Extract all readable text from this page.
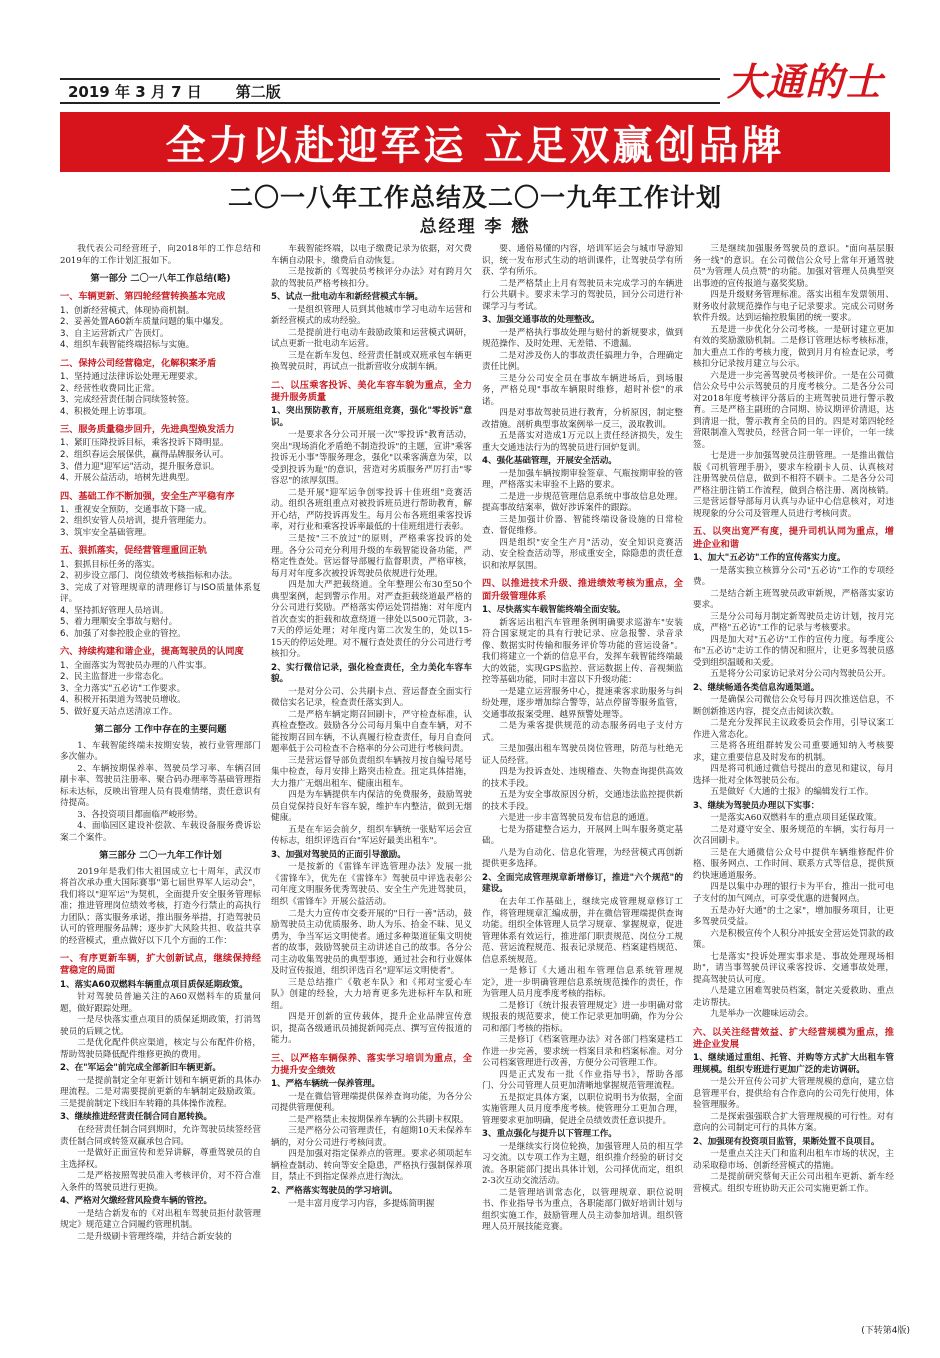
2019 年 3 月 7 日 第二版	大通的士
全力以赴迎军运 立足双赢创品牌
二〇一八年工作总结及二〇一九年工作计划
总经理 李 懋

我代表公司经营班子，向2018年的工作总结和2019年的工作计划汇报如下。

第一部分 二〇一八年工作总结(略)

一、车辆更新、第四轮经营转换基本完成

1、创新经营模式，体现协商机制。

2、妥善处置A60新车质量问题的集中爆发。

3、自主运营新式广告顶灯。

4、组织车载智能终端招标与实施。

二、保持公司经营稳定，化解积案矛盾

1、坚持通过法律诉讼处理无理要求。

2、经营性收费同比正常。

3、完成经营责任制合同续签转签。

4、积极处理上访事项。

三、服务质量稳步回升，先进典型焕发活力

1、紧盯压降投诉目标，乘客投诉下降明显。

2、组织春运会展保供，赢得品牌服务认可。

3、借力迎"迎军运"活动，提升服务意识。

4、开展公益活动，培树先进典型。

四、基础工作不断加强，安全生产平稳有序

1、重视安全预防，交通事故下降一成。

2、组织安管人员培训，提升管理能力。

3、筑牢安全基础管理。

五、狠抓落实，促经营管理重回正轨

1、狠抓目标任务的落实。

2、初步设立部门、岗位绩效考核指标和办法。

3、完成了对管理规章的清理修订与ISO质量体系复评。

4、坚持抓好管理人员培训。

5、着力理顺安全事故与赔付。

6、加强了对参控股企业的管控。

六、持续构建和谐企业，提高驾驶员的认同度

1、全面落实为驾驶员办理的八件实事。

2、民主监督进一步常态化。

3、全力落实"五必访"工作要求。

4、积极开拓渠道为驾驶员增收。

5、做好夏天站点送清凉工作。

第二部分 工作中存在的主要问题

1、车载智能终端未按期安装，被行业管理部门多次催办。

2、车辆按期保养率、驾驶员学习率、车辆召回刷卡率、驾驶员注册率、聚合码办理率等基础管理指标未达标，反映出管理人员有畏难情绪，责任意识有待提高。

3、各投资项目都面临严峻形势。

4、面临园区建设补偿款、车载设备服务费诉讼案二个案件。

第三部分 二〇一九年工作计划

2019年是我们伟大祖国成立七十周年，武汉市将首次承办重大国际赛事"第七届世界军人运动会"，我们将以"迎军运"为契机，全面提升安全服务管理标准；推进管理岗位绩效考核，打造今行禁止的高执行力团队；落实服务承诺，推出服务举措，打造驾驶员认可的管理服务品牌；逐步扩大风险共担、收益共享的经营模式，重点做好以下几个方面的工作：

一、有序更新车辆，扩大创新试点，继续保持经营稳定的局面

1、落实A60双燃料车辆重点项目质保延期政策。

针对驾驶员普遍关注的A60双燃料车的质量问题，做好跟踪处理。

一是尽快落实重点项目的质保延期政策，打消驾驶员的后顾之忧。

二是优化配件供应渠道，核定与公布配件价格，帮助驾驶员降低配件维修更换的费用。

2、在"军运会"前完成全部新旧车辆更新。

一是提前制定全年更新计划和车辆更新的具体办理流程。二是对需要提前更新的车辆制定鼓励政策。三是提前制定下线旧车转籍的具体操作流程。

3、继续推进经营责任制合同自愿转换。

在经营责任制合同到期时，允许驾驶员续签经营责任制合同或转签双赢承包合同。

一是做好正面宣传和差异讲解，尊重驾驶员的自主选择权。

二是严格按照驾驶员准入考核评价，对不符合准入条件的驾驶员进行更换。

4、严格对欠缴经营风险费车辆的管控。

一是结合新发布的《对出租车驾驶员拒付款管理规定》规范建立合同履约管理机制。

二是升级刷卡管理终端，并结合新安装的

车载智能终端，以电子缴费记录为依据，对欠费车辆自动限卡，缴费后自动恢复。

三是按新的《驾驶员考核评分办法》对有跨月欠款的驾驶员严格考核扣分。

5、试点一批电动车和新经营模式车辆。

一是组织管理人员到其他城市学习电动车运营和新经营模式的成功经验。

二是提前进行电动车鼓励政策和运营模式调研，试点更新一批电动车运营。

三是在新车发包、经营责任制或双班承包车辆更换驾驶员时，再试点一批新营收分成制车辆。

二、以压乘客投诉、美化车容车貌为重点，全力提升服务质量

1、突出预防教育，开展班组竞赛，强化"零投诉"意识。

一是要求各分公司开展一次"零投诉"教育活动，突出"现场消化矛盾绝不制造投诉"的主题，宣讲"乘客投诉无小事"等服务理念，强化"以乘客满意为荣，以受到投诉为耻"的意识，营造对劣质服务严厉打击"零容忍"的浓厚氛围。

二是开展"迎军运争创零投诉十佳班组"竞赛活动。组织各班组重点对被投诉班员进行帮助教育，解开心结，严防投诉再发生。每月公布各班组乘客投诉率，对行业和乘客投诉率最低的十佳班组进行表彰。

三是按"三不放过"的原则，严格乘客投诉的处理。各分公司充分利用升级的车载智能设备功能，严格定性查处。营运督导部履行监督职责，严格审核，每月对年度多次被投诉驾驶员依规进行处理。

四是加大严把载绕道。全年整理公布30至50个典型案例，起到警示作用。对严查拒载绕道最严格的分公司进行奖励。严格落实停运处罚措施：对年度内首次查实的拒载和故意绕道一律处以500元罚款，3-7天的停运处理；对年度内第二次发生的，处以15-15天的停运处理。对不履行查处责任的分公司进行考核扣分。

2、实行微信记录，强化检查责任，全力美化车容车貌。

一是对分公司、公共刷卡点、营运督查全面实行微信实名记录，检查责任落实到人。

二是严格车辆定期召回刷卡，严守检查标准，认真检查整改。鼓励各分公司每月集中自查车辆，对不能按期召回车辆，不认真履行检查责任，每月自查问题率低于公司检查不合格率的分公司进行考核问责。

三是营运督导部负责组织车辆按月按自编号尾号集中检查，每月安排上路突击检查。扭定具体措施，大力推广无烟出租车、健康出租车。

四是为车辆提供车内保洁的免费服务，鼓励驾驶员自觉保持良好车容车貌，维护车内整洁，做到无烟健康。

五是在车运会前夕，组织车辆统一张贴军运会宣传标志，组织评选百台"军运好最美出租车"。

3、加强对驾驶员的正面引导激励。

一是按新的《雷锋车评选管理办法》发展一批《雷锋车》，优先在《雷锋车》驾驶员中评选表彰公司年度文明服务优秀驾驶员、安全生产先进驾驶员，组织《雷锋车》开展公益活动。

二是大力宣传市交委开展的"日行一善"活动，鼓励驾驶员主动优质服务、助人为乐、拾金不昧、见义勇为，争当军运文明使者。通过多种渠道征集文明使者的故事，鼓励驾驶员主动讲述自己的故事。各分公司主动收集驾驶员的典型事迹，通过社会和行业媒体及时宣传报道，组织评选百名"迎军运文明使者"。

三是总结推广《敬老车队》和《邦对宝爱心车队》创建的经验，大力培育更多先进标杆车队和班组。

四是开创新的宣传载体，提升企业品牌宣传意识，提高各级通讯员捕捉新闻亮点、撰写宣传报道的能力。

三、以严格车辆保养、落实学习培训为重点，全力提升安全绩效

1、严格车辆统一保养管理。

一是在微信管理端提供保养查询功能，为各分公司提供管理便利。

二是严格禁止未按期保养车辆的公共刷卡权限。

三是严格分公司管理责任，有超期10天未保养车辆的，对分公司进行考核问责。

四是加强对指定保养点的管理。要求必须项起车辆检查制动、转向等安全隐患，严格执行强制保养项目，禁止不到指定保养点进行淘汰。

2、严格落实驾驶员的学习培训。

一是丰富月度学习内容，多提炼简明握

要、通俗易懂的内容，培训军运会与城市导游知识，统一发布形式生动的培训课件，让驾驶员学有所获、学有所乐。

二是严格禁止上月有驾驶员未完成学习的车辆进行公共刷卡。要求未学习的驾驶员，回分公司进行补课学习与考试。

3、加强交通事故的处理整改。

一是严格执行事故处理与赔付的新规要求，做到规范操作、及时处理、无差错、不遗漏。

二是对涉及伤人的事故责任搞理力争，合理确定责任比例。

三是分公司安全员在事故车辆进场后，到场服务，严格兑现"事故车辆限时维修，超时补偿"的承诺。

四是对事故驾驶员进行教育，分析原因，制定整改措施。剖析典型事故案例举一反三，汲取教训。

五是落实对造成1万元以上责任经济损失，发生重大交通违法行为的驾驶员进行回炉复训。

4、强化基础管理，开展安全活动。

一是加强车辆按期审验签章、气瓶按期审验的管理，严格落实未审验不上路的要求。

二是进一步规范管理信息系统中事故信息处理。提高事故结案率，做好涉诉案件的跟踪。

三是加强计价器、智能终端设备设施的日常检查、督促维修。

四是组织"安全生产月"活动，安全知识竞赛活动、安全检查活动等，形成重安全，除隐患的责任意识和浓厚氛围。

四、以推进技术升级、推进绩效考核为重点，全面升级管理体系

1、尽快落实车载智能终端全面安装。

新客运出租汽车管理条例明确要求巡游车"安装符合国家规定的具有行驶记录、应急报警、录音录像、数据实时传输和服务评价等功能的营运设备"。我们将建立一个新的信息平台，发挥车载智能终端最大的效能，实现GPS监控、营运数据上传、音视频监控等基础功能，同时丰富以下升级功能：

一是建立运营服务中心，提速乘客求助服务与纠纷处理，逐步增加综合警等，站点停留等服务监管，交通事故报案受理、越界预警处理等。

二是为乘客提供规范的动态服务码电子支付方式。

三是加强出租车驾驶员岗位管理，防范与杜绝无证人员经营。

四是为投诉查处、违规稽查、失物查询提供高效的技术手段。

五是为安全事故原因分析，交通违法监控提供新的技术手段。

六是进一步丰富驾驶员发布信息的通道。

七是为搭建整合运力，开展网上叫车服务奠定基础。

八是为自动化、信息化管理，为经营模式再创新提供更多选择。

2、全面完成管理规章新增修订，推进"六个规范"的建设。

在去年工作基础上，继续完成管理规章修订工作，将管理规章汇编成册，并在微信管理端提供查询功能。组织全体管理人员学习规章、掌握规章，促进管理体系有效运行，推进部门职责规范、岗位分工规范、营运流程规范、报表记录规范、档案建档规范、信息系统规范。

一是修订《大通出租车管理信息系统管理规定》，进一步明确管理信息系统规范操作的责任，作为管理人员月度季度考核的指标。

二是修订《统计报表管理规定》进一步明确对常规报表的规范要求，使工作记录更加明确，作为分公司和部门考核的指标。

三是修订《档案管理办法》对各部门档案建档工作进一步完善，要求统一档案目录和档案标准。对分公司档案管理进行改善，方便分公司管理工作。

四是正式发布一批《作业指导书》，帮助各部门、分公司管理人员更加清晰地掌握规范管理流程。

五是拟定具体方案，以职位说明书为依据，全面实施管理人员月度季度考核。使管理分工更加合理，管理要求更加明确，促进全员绩效责任意识提升。

3、重点强化与提升以下管理工作。

一是继续实行岗位轮换，加强管理人员的相互学习交流。以专项工作为主题，组织推介经验的研讨交流。各职能部门提出具体计划，公司择优而定，组织2-3次互动交流活动。

二是管理培训常态化，以管理规章、职位说明书、作业指导书为重点，各职能部门做好培训计划与组织实施工作，鼓励管理人员主动参加培训。组织管理人员开展技能竞赛。

三是继续加强服务驾驶员的意识。"面向基层服务一线"的意识。在公司微信公众号上常年开通驾驶员"为管理人员点赞"的功能。加强对管理人员典型突出事迹的宣传报道与嘉奖奖励。

四是升级财务管理标准。落实出租车发票领用、财务收付款规范操作与电子记录要求。完成公司财务软件升级。达到运输控股集团的统一要求。

五是进一步优化分公司考核。一是研讨建立更加有效的奖励激励机制。二是修订管理达标考核标准，加大重点工作的考核力度，做到月月有检查记录，考核扣分记录按月建立与公示。

六是进一步完善驾驶员考核评价。一是在公司微信公众号中公示驾驶员的月度考核分。二是各分公司对2018年度考核评分落后的主班驾驶员进行警示教育。三是严格主副班的合同期、协议期评价清退，达到清退一批，警示教育全员的目的。四是对第四轮经营限制准入驾驶员，经营合同一年一评价，一年一续签。

七是进一步加强驾驶员注册管理。一是推出微信版《司机管理手册》，要求车检刷卡人员、认真核对注册驾驶员信息，做到不相符不刷卡。二是各分公司严格注册注销工作流程，做到合格注册、离岗核销。三是营运督导部每月认真与办证中心信息核对，对违规现象的分公司及管理人员进行考核问责。

五、以突出宽严有度，提升司机认同为重点，增进企业和谐

1、加大"五必访"工作的宣传落实力度。

一是落实独立核算分公司"五必访"工作的专项经费。

二是结合新主班驾驶员政审新规，严格落实家访要求。

三是分公司每月制定新驾驶员走访计划，按月完成，严格"五必访"工作的记录与考核要求。

四是加大对"五必访"工作的宣传力度。每季度公布"五必访"走访工作的情况和照片，让更多驾驶员感受到组织温暖和关爱。

五是将分公司家访记录对分公司内驾驶员公开。

2、继续畅通各类信息沟通渠道。

一是确保公司微信公众号每月四次推送信息，不断创新推送内容，提交点击阅读次数。

二是充分发挥民主议政委员会作用，引导议案工作进入常态化。

三是将各班组群转发公司重要通知纳入考核要求，建立重要信息及时发布的机制。

四是将司机通过微信号提出的意见和建议，每月选择一批对全体驾驶员公布。

五是做好《大通的士报》的编辑发行工作。

3、继续为驾驶员办理以下实事：

一是落实A60双燃料车的重点项目延保政策。

二是对遵守安全、服务规范的车辆，实行每月一次召回刷卡。

三是在大通微信公众号中提供车辆维修配件价格、服务网点、工作时间、联系方式等信息，提供预约快速通道服务。

四是以集中办理的银行卡为平台，推出一批可电子支付的加气网点，可享受优惠的进餐网点。

五是办好大通"的士之家"，增加服务项目，让更多驾驶员受益。

六是积极宣传个人积分冲抵安全营运处罚款的政策。

七是落实"投诉处理实事求是、事故处理现场相助"，请当事驾驶员评议乘客投诉、交通事故处理，提高驾驶员认可度。

八是建立困难驾驶员档案，制定关爱救助、重点走访帮扶。

九是举办一次趣味运动会。

六、以关注经营效益、扩大经营规模为重点，推进企业发展

1、继续通过重组、托管、并购等方式扩大出租车管理规模。组织专班进行更加广泛的走访调研。

一是公开宣传公司扩大管理规模的意向，建立信息管理平台，提供给有合作意向的公司先行使用，体验管理服务。

二是探索强强联合扩大管理规模的可行性。对有意向的公司制定可行的具体方案。

2、加强现有投资项目监管，果断处置不良项目。

一是重点关注天门和监利出租车市场的状况，主动采取稳市场、创新经营模式的措施。

二是提前研究蔡甸天正公司出租车更新、新车经营模式。组织专班协助天正公司实施更新工作。

(下转第4版)
